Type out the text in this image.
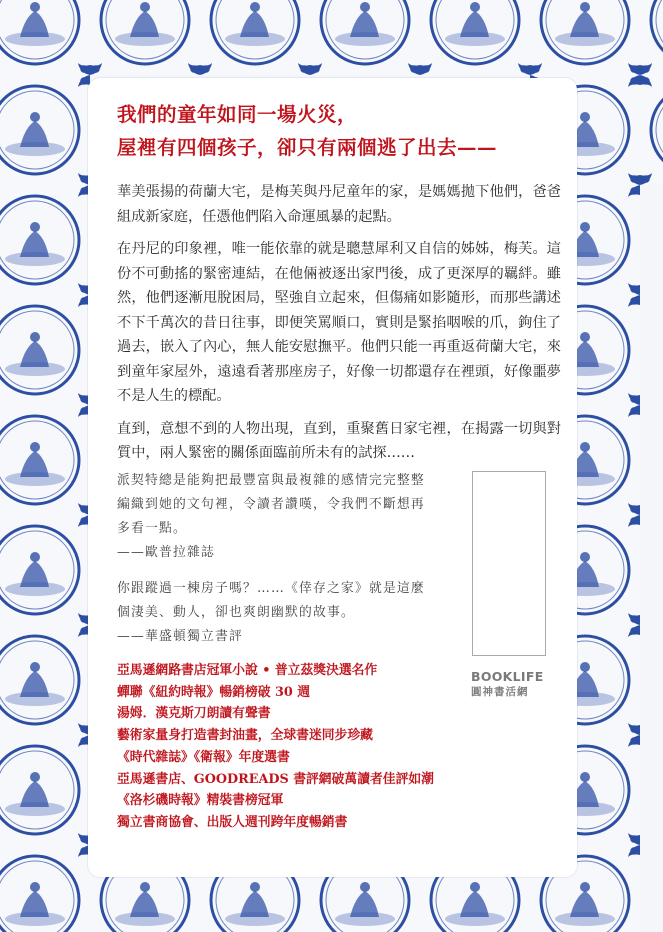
我們的童年如同一場火災，
屋裡有四個孩子，卻只有兩個逃了出去——

華美張揚的荷蘭大宅，是梅芙與丹尼童年的家，是媽媽拋下他們，爸爸組成新家庭，任憑他們陷入命運風暴的起點。

在丹尼的印象裡，唯一能依靠的就是聰慧犀利又自信的姊姊，梅芙。這份不可動搖的緊密連結，在他倆被逐出家門後，成了更深厚的羈絆。雖然，他們逐漸甩脫困局，堅強自立起來，但傷痛如影隨形，而那些講述不下千萬次的昔日往事，即便笑罵順口，實則是緊掐咽喉的爪，鉤住了過去，嵌入了內心，無人能安慰撫平。他們只能一再重返荷蘭大宅，來到童年家屋外，遠遠看著那座房子，好像一切都還存在裡頭，好像噩夢不是人生的標配。

直到，意想不到的人物出現，直到，重聚舊日家宅裡，在揭露一切與對質中，兩人緊密的關係面臨前所未有的試探……

派契特總是能夠把最豐富與最複雜的感情完完整整

編織到她的文句裡，令讀者讚嘆，令我們不斷想再

多看一點。

——歐普拉雜誌

你跟蹤過一棟房子嗎？……《倖存之家》就是這麼

個淒美、動人，卻也爽朗幽默的故事。

——華盛頓獨立書評

BOOKLIFE
圓神書活網
亞馬遜網路書店冠軍小說 • 普立茲獎決選名作
蟬聯《紐約時報》暢銷榜破 30 週
湯姆．漢克斯刀朗讀有聲書
藝術家量身打造書封油畫，全球書迷同步珍藏
《時代雜誌》《衛報》年度選書
亞馬遜書店、GOODREADS 書評網破萬讀者佳評如潮
《洛杉磯時報》精裝書榜冠軍
獨立書商協會、出版人週刊跨年度暢銷書
